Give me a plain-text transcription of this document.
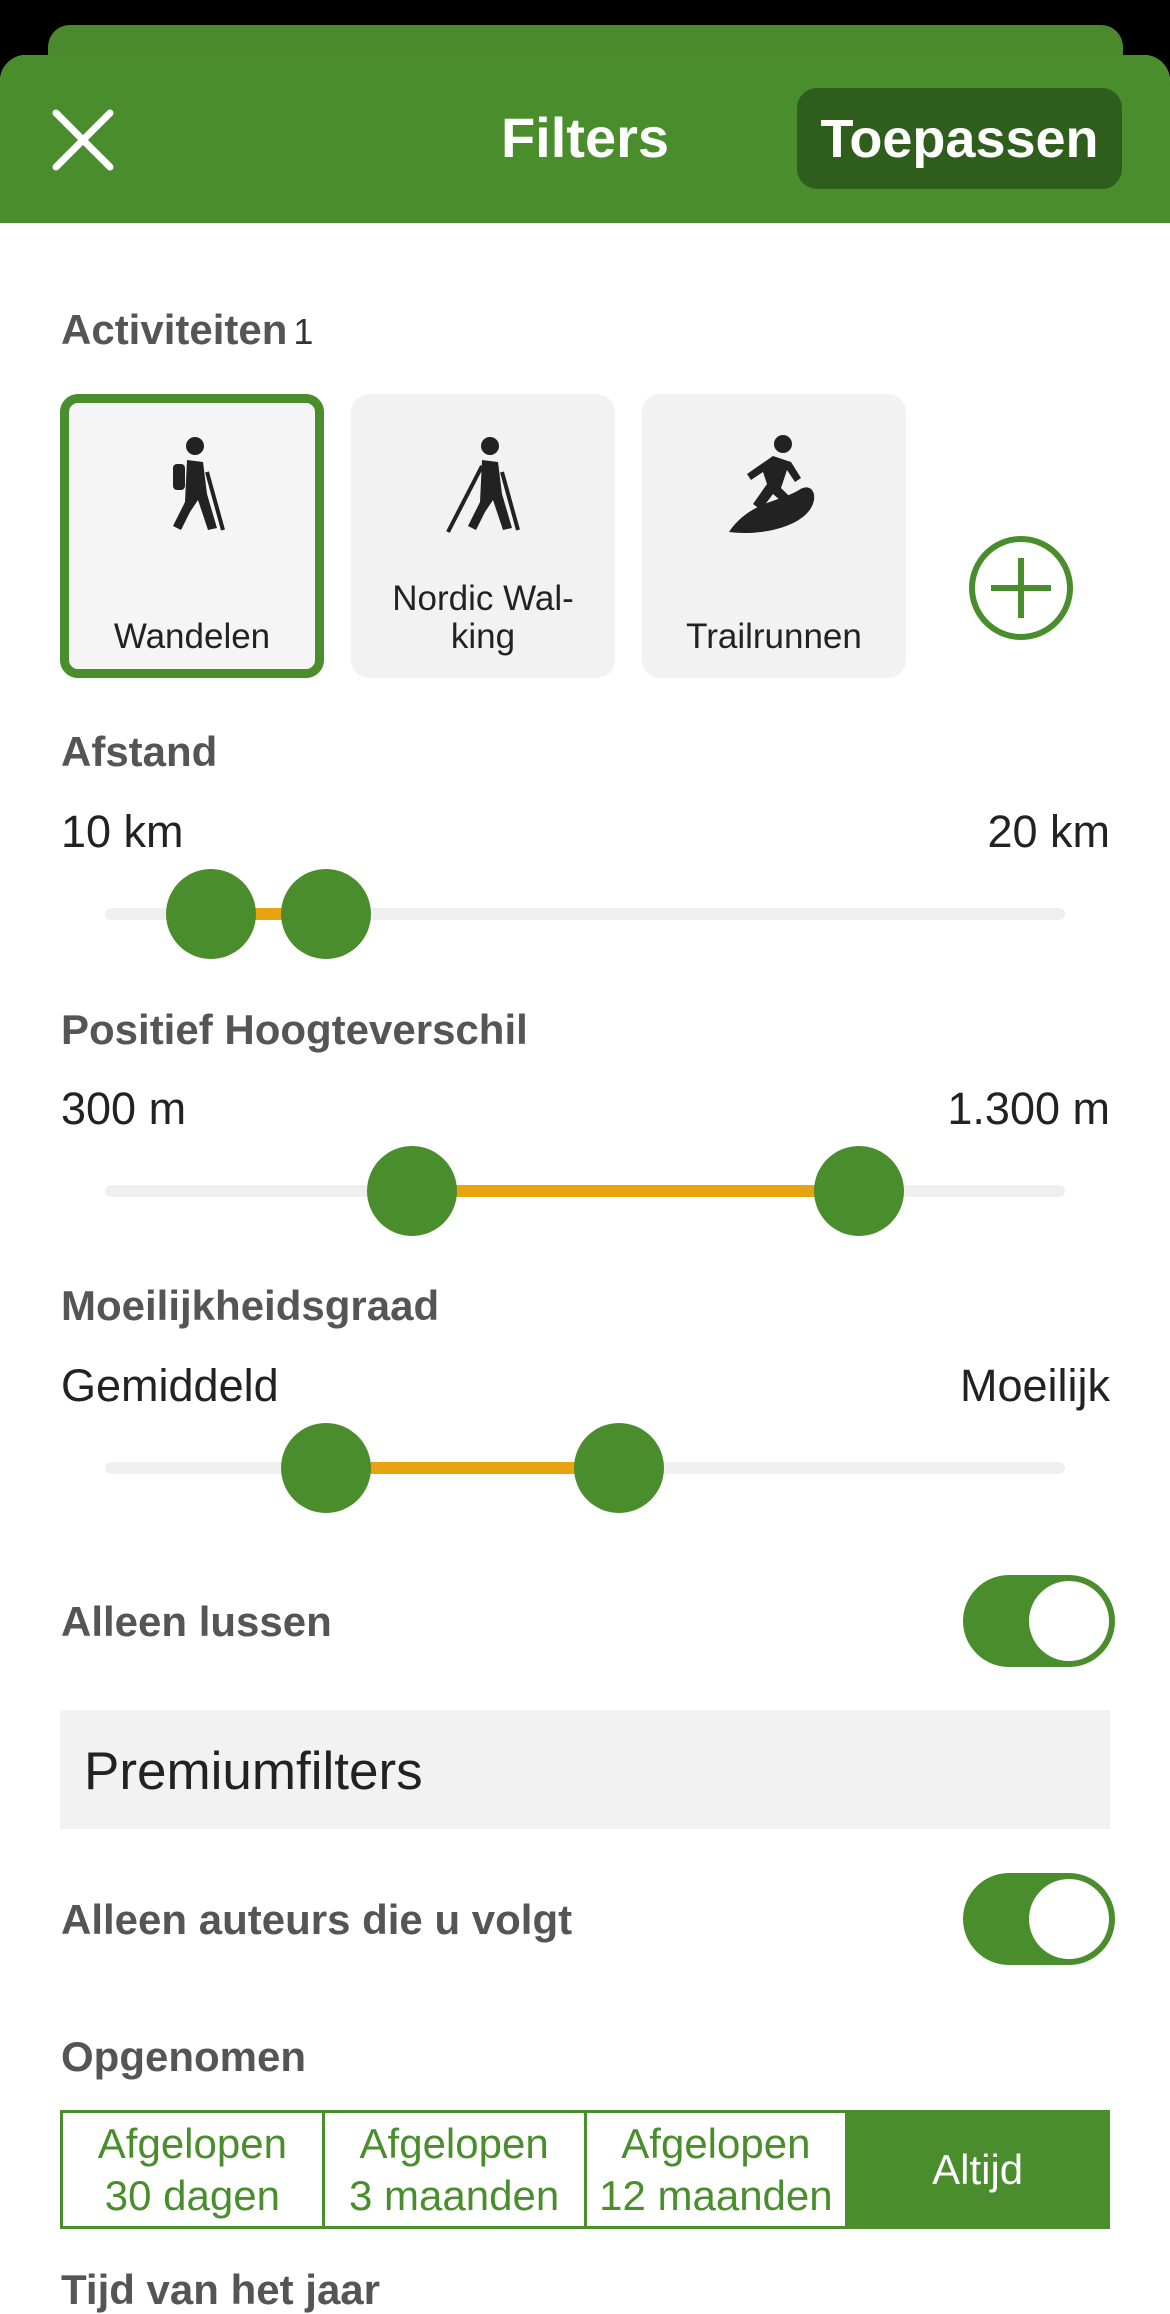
Filters	Toepassen
Activiteiten 1
Wandelen
Nordic Wal-
king	Trailrunnen
Afstand
10 km	20 km
Positief Hoogteverschil
300 m	1.300 m
Moeilijkheidsgraad
Gemiddeld	Moeilijk
Alleen lussen
Premiumfilters
Alleen auteurs die u volgt
Opgenomen
Afgelopen
30 dagen
Afgelopen
3 maanden
Afgelopen
12 maanden
Altijd
Tijd van het jaar
